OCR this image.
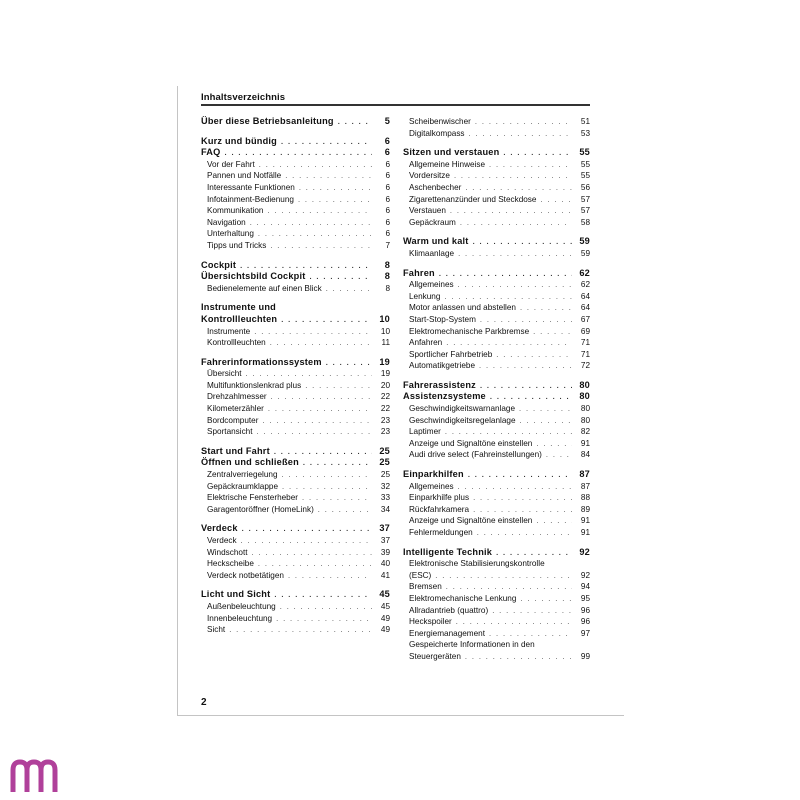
Inhaltsverzeichnis
Über diese Betriebsanleitung . . .	5
Kurz und bündig . . .	6
FAQ . . .	6
Vor der Fahrt . . .	6
Pannen und Notfälle . . .	6
Interessante Funktionen . . .	6
Infotainment-Bedienung . . .	6
Kommunikation . . .	6
Navigation . . .	6
Unterhaltung . . .	6
Tipps und Tricks . . .	7
Cockpit . . .	8
Übersichtsbild Cockpit . . .	8
Bedienelemente auf einen Blick . . .	8
Instrumente und
Kontrollleuchten . . .	10
Instrumente . . .	10
Kontrollleuchten . . .	11
Fahrerinformationssystem . . .	19
Übersicht . . .	19
Multifunktionslenkrad plus . . .	20
Drehzahlmesser . . .	22
Kilometerzähler . . .	22
Bordcomputer . . .	23
Sportansicht . . .	23
Start und Fahrt . . .	25
Öffnen und schließen . . .	25
Zentralverriegelung . . .	25
Gepäckraumklappe . . .	32
Elektrische Fensterheber . . .	33
Garagentoröffner (HomeLink) . . .	34
Verdeck . . .	37
Verdeck . . .	37
Windschott . . .	39
Heckscheibe . . .	40
Verdeck notbetätigen . . .	41
Licht und Sicht . . .	45
Außenbeleuchtung . . .	45
Innenbeleuchtung . . .	49
Sicht . . .	49
Scheibenwischer . . .	51
Digitalkompass . . .	53
Sitzen und verstauen . . .	55
Allgemeine Hinweise . . .	55
Vordersitze . . .	55
Aschenbecher . . .	56
Zigarettenanzünder und Steckdose . . .	57
Verstauen . . .	57
Gepäckraum . . .	58
Warm und kalt . . .	59
Klimaanlage . . .	59
Fahren . . .	62
Allgemeines . . .	62
Lenkung . . .	64
Motor anlassen und abstellen . . .	64
Start-Stop-System . . .	67
Elektromechanische Parkbremse . . .	69
Anfahren . . .	71
Sportlicher Fahrbetrieb . . .	71
Automatikgetriebe . . .	72
Fahrerassistenz . . .	80
Assistenzsysteme . . .	80
Geschwindigkeitswarnanlage . . .	80
Geschwindigkeitsregelanlage . . .	80
Laptimer . . .	82
Anzeige und Signaltöne einstellen . . .	91
Audi drive select (Fahreinstellungen) . . .	84
Einparkhilfen . . .	87
Allgemeines . . .	87
Einparkhilfe plus . . .	88
Rückfahrkamera . . .	89
Anzeige und Signaltöne einstellen . . .	91
Fehlermeldungen . . .	91
Intelligente Technik . . .	92
Elektronische Stabilisierungskontrolle
(ESC) . . .	92
Bremsen . . .	94
Elektromechanische Lenkung . . .	95
Allradantrieb (quattro) . . .	96
Heckspoiler . . .	96
Energiemanagement . . .	97
Gespeicherte Informationen in den
Steuergeräten . . .	99
2
